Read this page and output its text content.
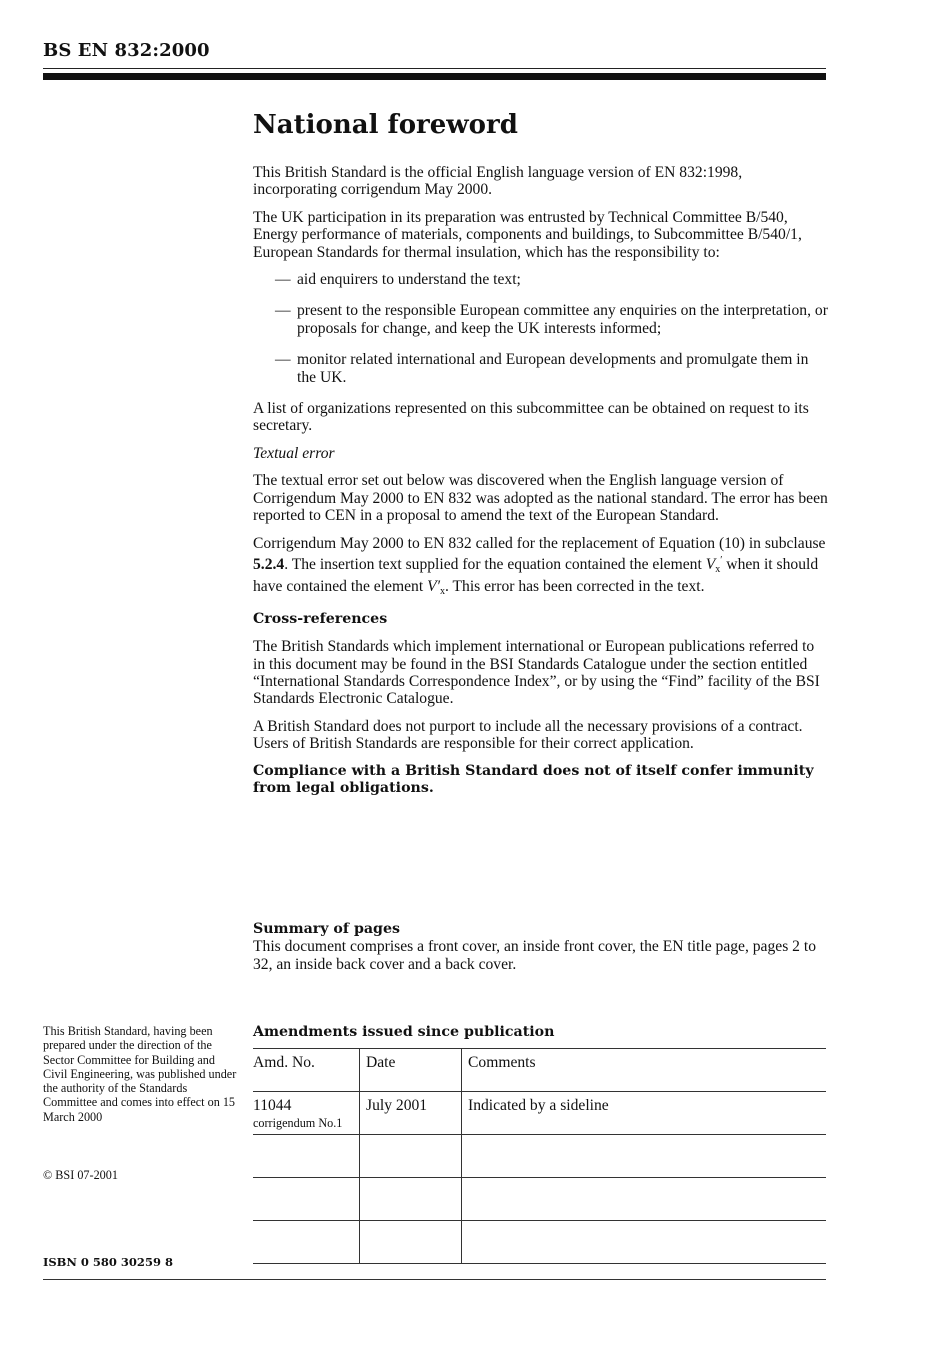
BS EN 832:2000
National foreword

This British Standard is the official English language version of EN 832:1998, incorporating corrigendum May 2000.

The UK participation in its preparation was entrusted by Technical Committee B/540, Energy performance of materials, components and buildings, to Subcommittee B/540/1, European Standards for thermal insulation, which has the responsibility to:

— aid enquirers to understand the text;
— present to the responsible European committee any enquiries on the interpretation, or proposals for change, and keep the UK interests informed;
— monitor related international and European developments and promulgate them in the UK.

A list of organizations represented on this subcommittee can be obtained on request to its secretary.

Textual error

The textual error set out below was discovered when the English language version of Corrigendum May 2000 to EN 832 was adopted as the national standard. The error has been reported to CEN in a proposal to amend the text of the European Standard.

Corrigendum May 2000 to EN 832 called for the replacement of Equation (10) in subclause 5.2.4. The insertion text supplied for the equation contained the element $V_x'$ when it should have contained the element $V'_x$. This error has been corrected in the text.

Cross-references

The British Standards which implement international or European publications referred to in this document may be found in the BSI Standards Catalogue under the section entitled “International Standards Correspondence Index”, or by using the “Find” facility of the BSI Standards Electronic Catalogue.

A British Standard does not purport to include all the necessary provisions of a contract. Users of British Standards are responsible for their correct application.

Compliance with a British Standard does not of itself confer immunity from legal obligations.

Summary of pages

This document comprises a front cover, an inside front cover, the EN title page, pages 2 to 32, an inside back cover and a back cover.

This British Standard, having been prepared under the direction of the Sector Committee for Building and Civil Engineering, was published under the authority of the Standards Committee and comes into effect on 15 March 2000
© BSI 07-2001
ISBN 0 580 30259 8
Amendments issued since publication
Amd. No.	Date	Comments
11044
corrigendum No.1	July 2001	Indicated by a sideline
